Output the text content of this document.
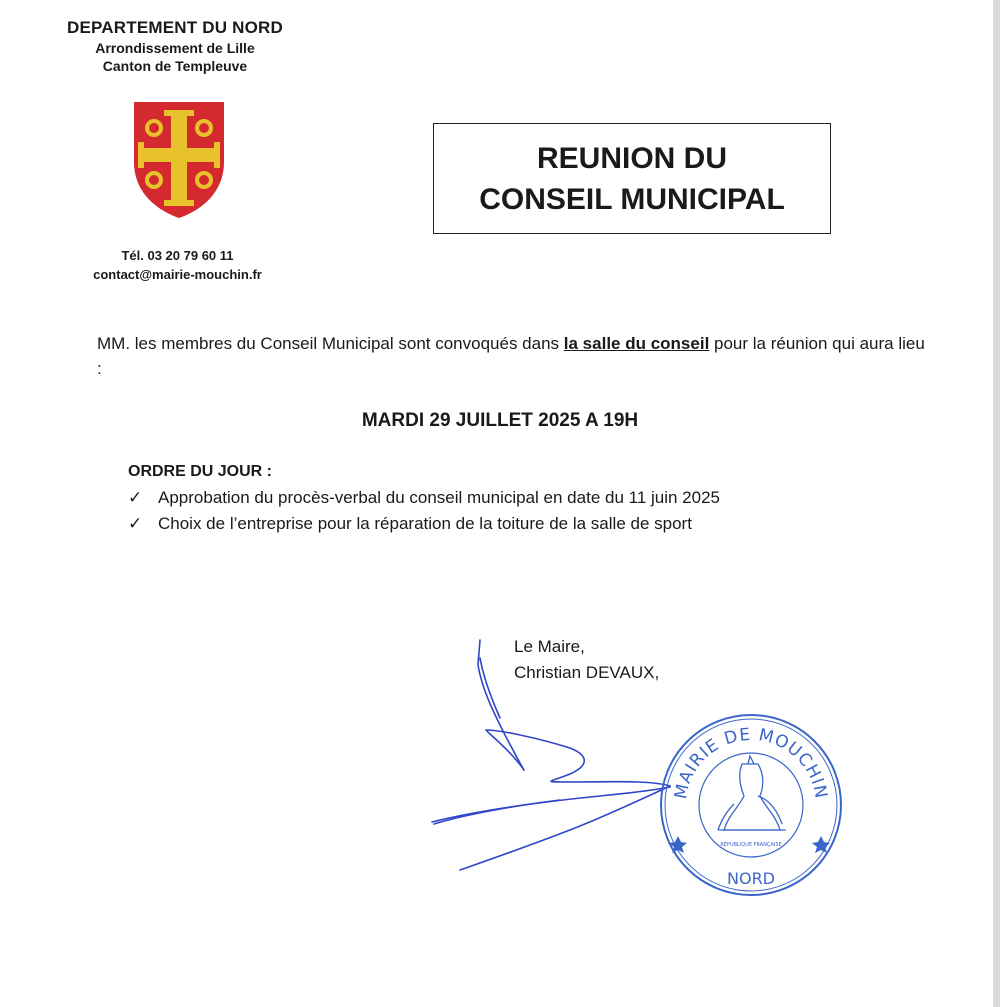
DEPARTEMENT DU NORD
Arrondissement de Lille
Canton de Templeuve
Tél. 03 20 79 60 11
contact@mairie-mouchin.fr
REUNION DU
CONSEIL MUNICIPAL
MM. les membres du Conseil Municipal sont convoqués dans la salle du conseil pour la réunion qui aura lieu :
MARDI 29 JUILLET 2025 A 19H
ORDRE DU JOUR :
✓ Approbation du procès-verbal du conseil municipal en date du 11 juin 2025
✓ Choix de l’entreprise pour la réparation de la toiture de la salle de sport
Le Maire,
Christian DEVAUX,
MAIRIE DE MOUCHIN
NORD
RÉPUBLIQUE FRANÇAISE
